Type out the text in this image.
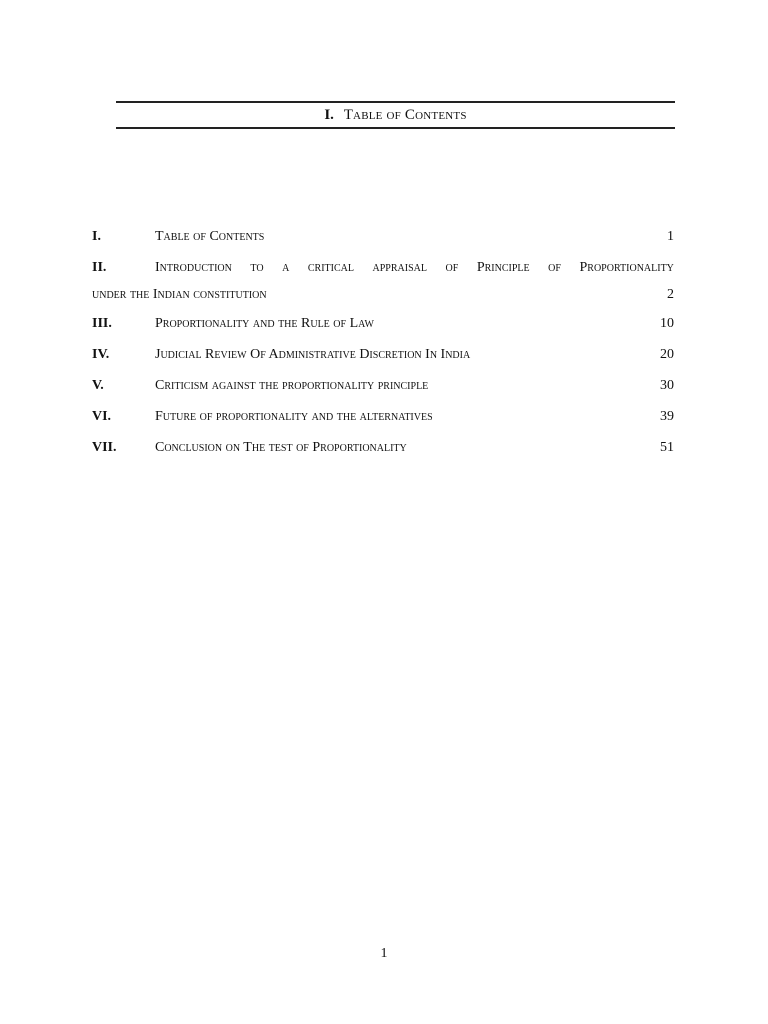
I. Table of Contents
I.	Table of Contents	1
II.	Introduction to a critical appraisal of Principle of Proportionality
under the Indian constitution	2
III.	Proportionality and the Rule of Law	10
IV.	Judicial Review Of Administrative Discretion In India	20
V.	Criticism against the proportionality principle	30
VI.	Future of proportionality and the alternatives	39
VII.	Conclusion on The test of Proportionality	51
1
